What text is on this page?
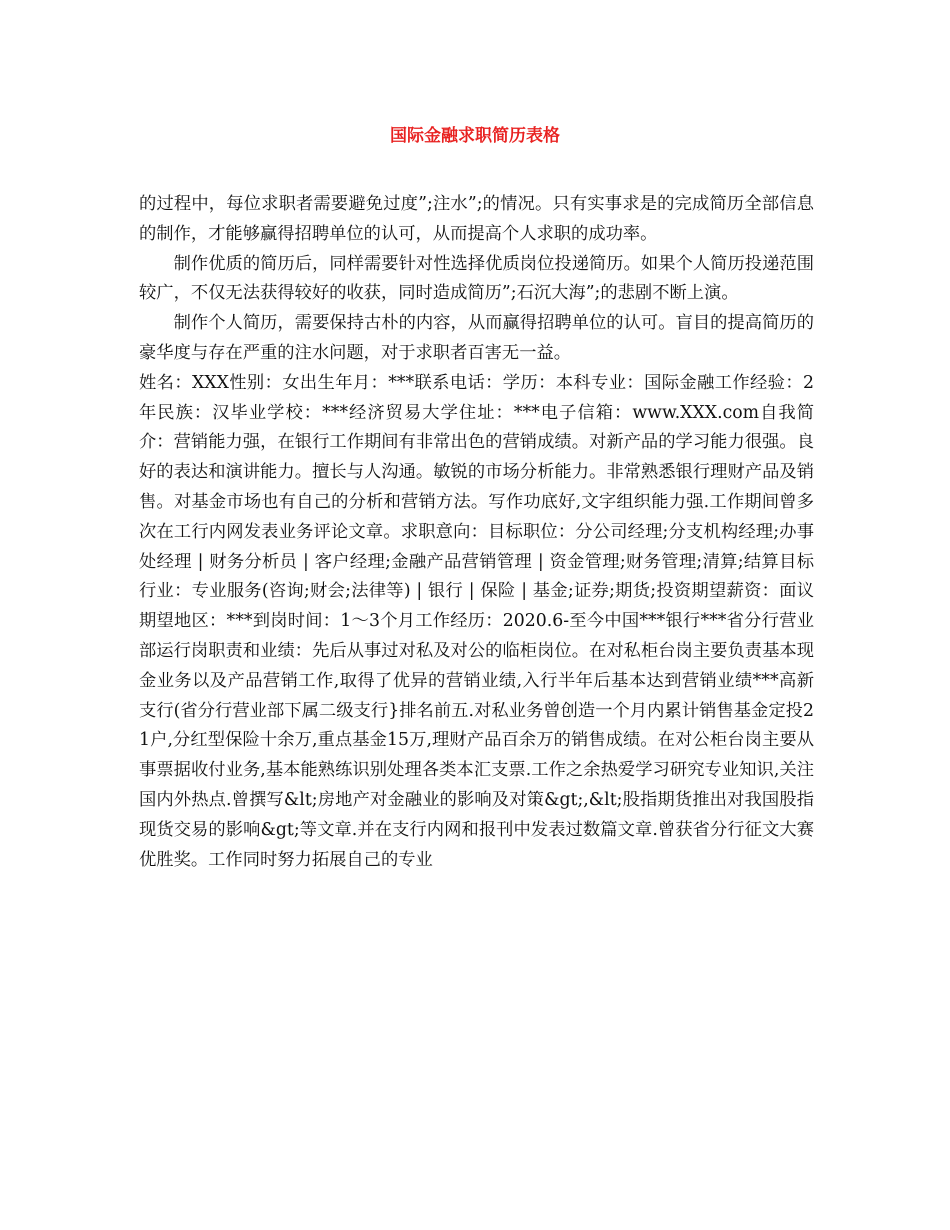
国际金融求职简历表格

的过程中，每位求职者需要避免过度”;注水”;的情况。只有实事求是的完成简历全部信息的制作，才能够赢得招聘单位的认可，从而提高个人求职的成功率。

制作优质的简历后，同样需要针对性选择优质岗位投递简历。如果个人简历投递范围较广，不仅无法获得较好的收获，同时造成简历”;石沉大海”;的悲剧不断上演。

制作个人简历，需要保持古朴的内容，从而赢得招聘单位的认可。盲目的提高简历的豪华度与存在严重的注水问题，对于求职者百害无一益。

姓名：XXX性别：女出生年月：***联系电话：学历：本科专业：国际金融工作经验：2年民族：汉毕业学校：***经济贸易大学住址：***电子信箱：www.XXX.com自我简介：营销能力强，在银行工作期间有非常出色的营销成绩。对新产品的学习能力很强。良好的表达和演讲能力。擅长与人沟通。敏锐的市场分析能力。非常熟悉银行理财产品及销售。对基金市场也有自己的分析和营销方法。写作功底好,文字组织能力强.工作期间曾多次在工行内网发表业务评论文章。求职意向：目标职位：分公司经理;分支机构经理;办事处经理 | 财务分析员 | 客户经理;金融产品营销管理 | 资金管理;财务管理;清算;结算目标行业：专业服务(咨询;财会;法律等) | 银行 | 保险 | 基金;证券;期货;投资期望薪资：面议期望地区：***到岗时间：1～3个月工作经历：2020.6-至今中国***银行***省分行营业部运行岗职责和业绩：先后从事过对私及对公的临柜岗位。在对私柜台岗主要负责基本现金业务以及产品营销工作,取得了优异的营销业绩,入行半年后基本达到营销业绩***高新支行(省分行营业部下属二级支行}排名前五.对私业务曾创造一个月内累计销售基金定投21户,分红型保险十余万,重点基金15万,理财产品百余万的销售成绩。在对公柜台岗主要从事票据收付业务,基本能熟练识别处理各类本汇支票.工作之余热爱学习研究专业知识,关注国内外热点.曾撰写&lt;房地产对金融业的影响及对策&gt;,&lt;股指期货推出对我国股指现货交易的影响&gt;等文章.并在支行内网和报刊中发表过数篇文章.曾获省分行征文大赛优胜奖。工作同时努力拓展自己的专业
